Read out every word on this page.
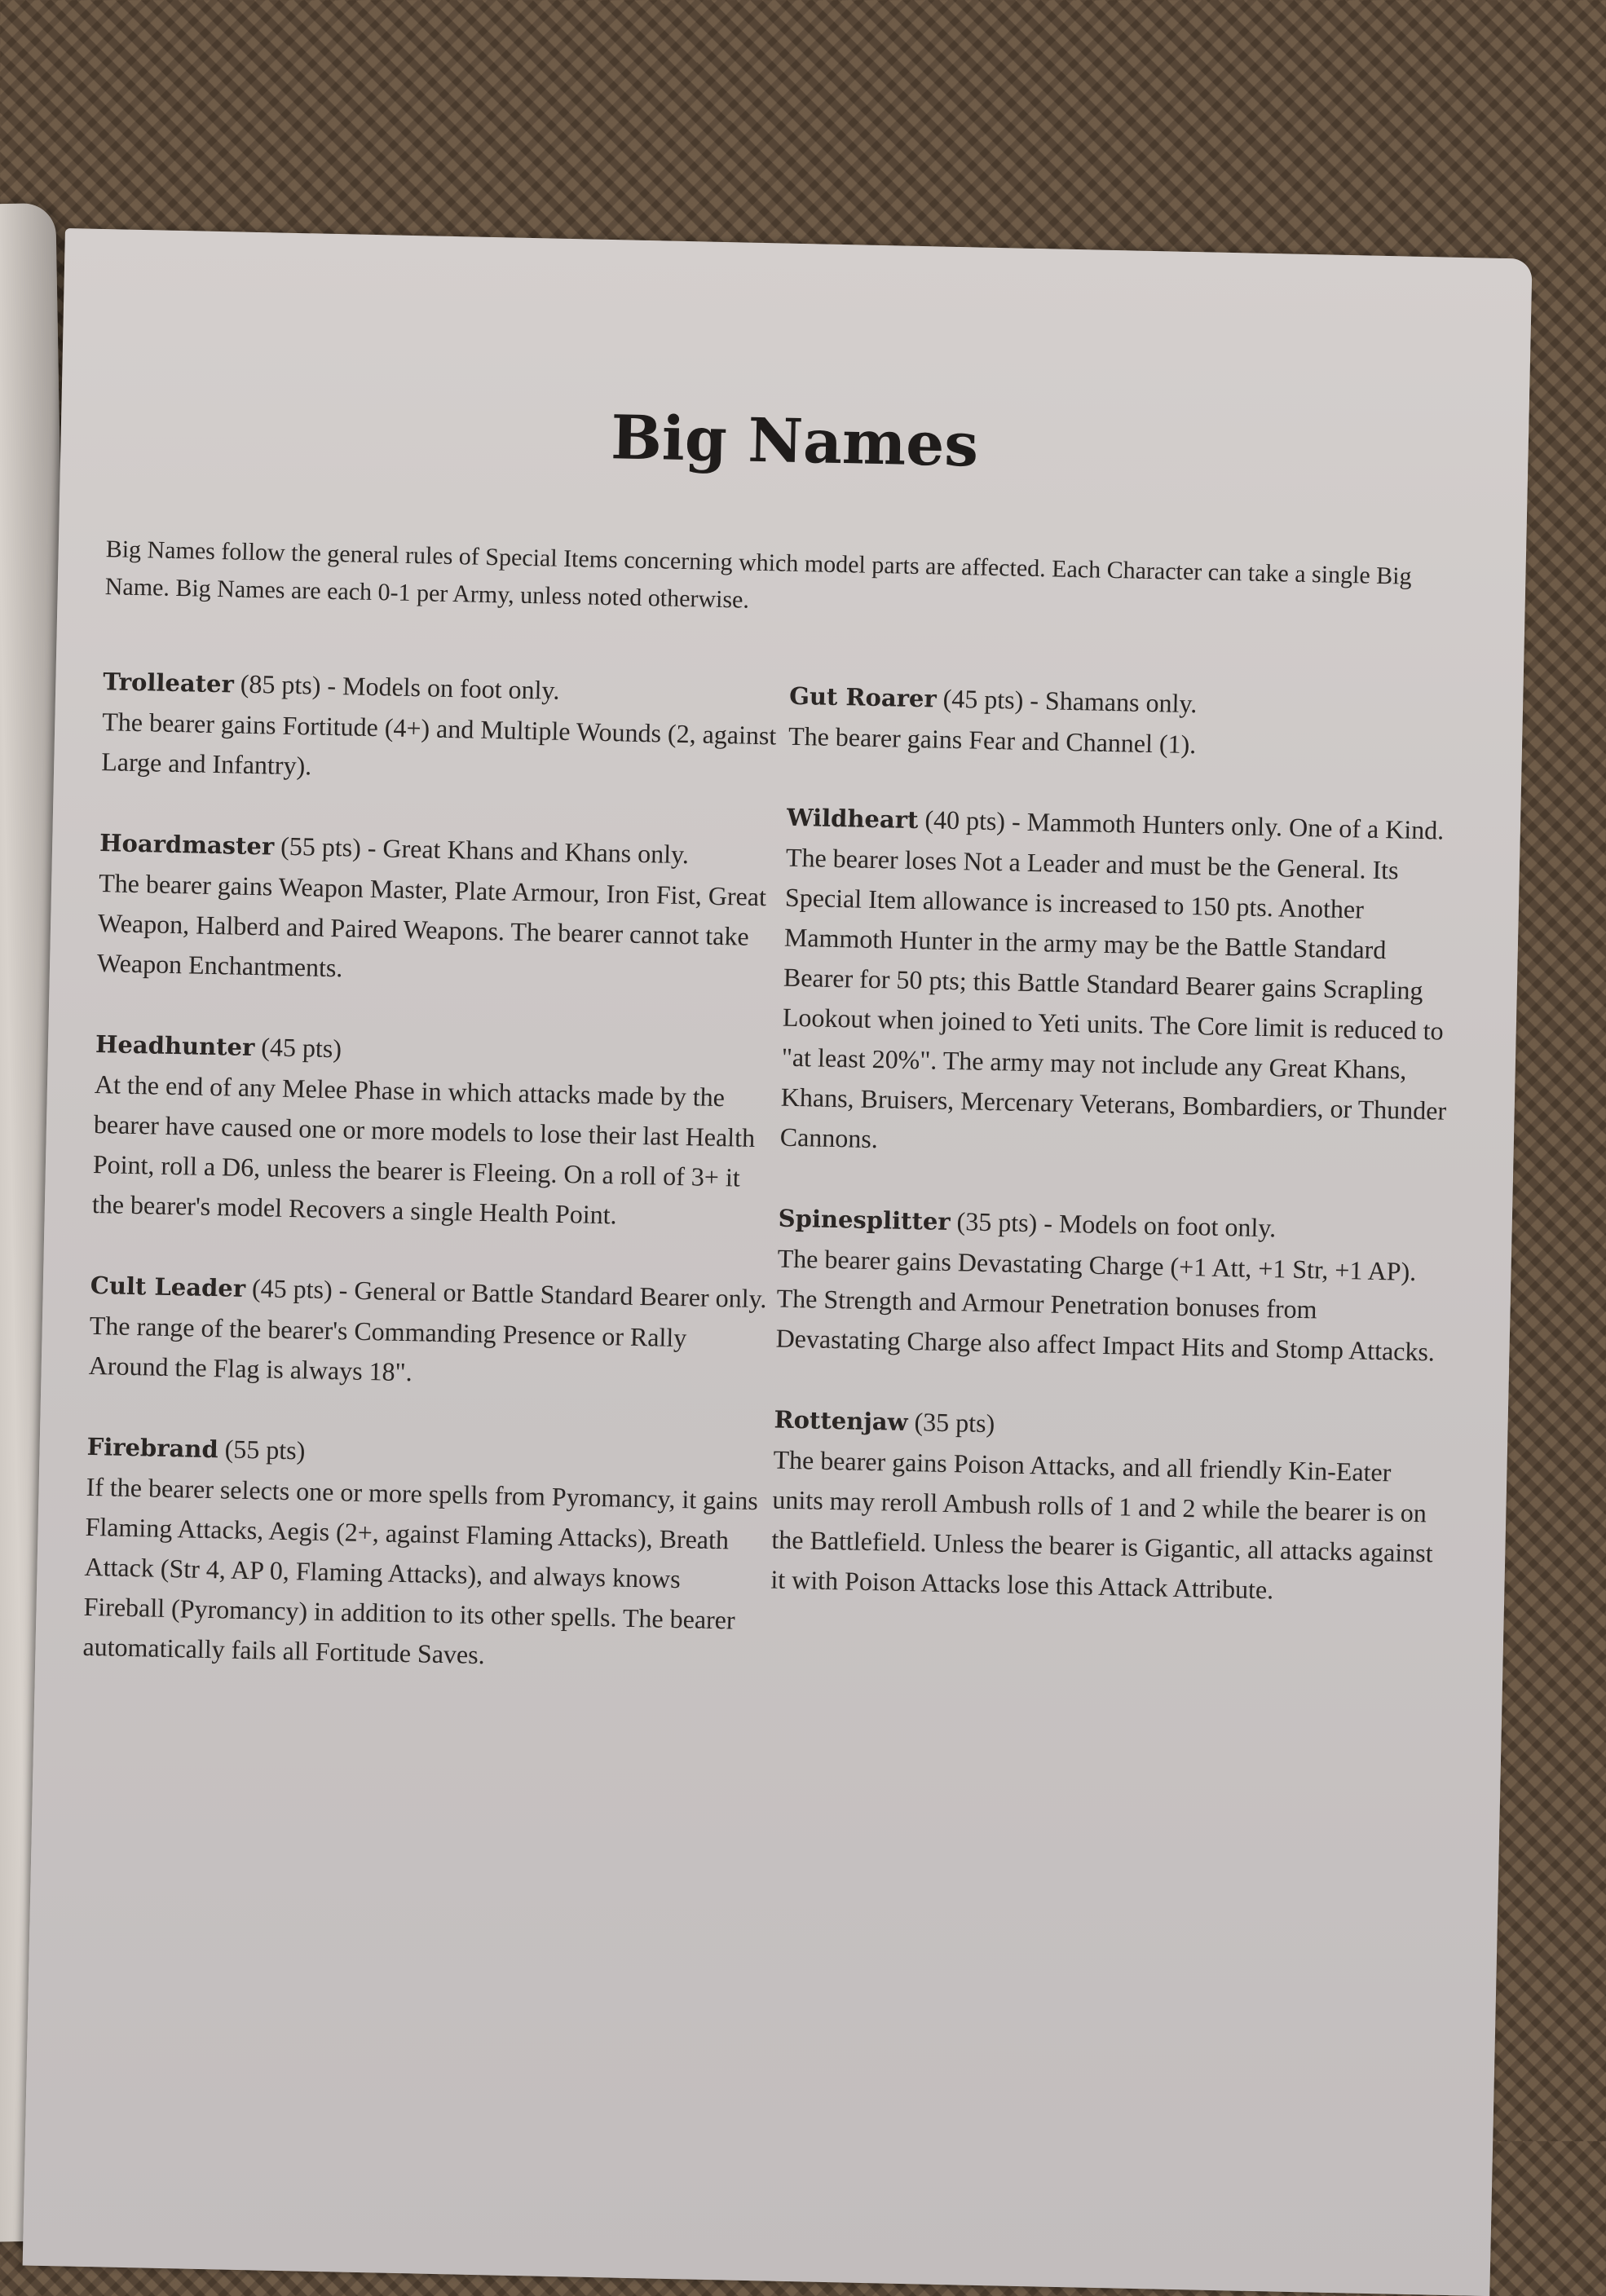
Big Names

Big Names follow the general rules of Special Items concerning which model parts are affected. Each Character can take a single Big Name. Big Names are each 0-1 per Army, unless noted otherwise.

Trolleater (85 pts) - Models on foot only.

The bearer gains Fortitude (4+) and Multiple Wounds (2, against Large and Infantry).

Hoardmaster (55 pts) - Great Khans and Khans only.

The bearer gains Weapon Master, Plate Armour, Iron Fist, Great Weapon, Halberd and Paired Weapons. The bearer cannot take Weapon Enchantments.

Headhunter (45 pts)

At the end of any Melee Phase in which attacks made by the bearer have caused one or more models to lose their last Health Point, roll a D6, unless the bearer is Fleeing. On a roll of 3+ it the bearer's model Recovers a single Health Point.

Cult Leader (45 pts) - General or Battle Standard Bearer only.

The range of the bearer's Commanding Presence or Rally Around the Flag is always 18".

Firebrand (55 pts)

If the bearer selects one or more spells from Pyromancy, it gains Flaming Attacks, Aegis (2+, against Flaming Attacks), Breath Attack (Str 4, AP 0, Flaming Attacks), and always knows Fireball (Pyromancy) in addition to its other spells. The bearer automatically fails all Fortitude Saves.

Gut Roarer (45 pts) - Shamans only.

The bearer gains Fear and Channel (1).

Wildheart (40 pts) - Mammoth Hunters only. One of a Kind.

The bearer loses Not a Leader and must be the General. Its Special Item allowance is increased to 150 pts. Another Mammoth Hunter in the army may be the Battle Standard Bearer for 50 pts; this Battle Standard Bearer gains Scrapling Lookout when joined to Yeti units. The Core limit is reduced to "at least 20%". The army may not include any Great Khans, Khans, Bruisers, Mercenary Veterans, Bombardiers, or Thunder Cannons.

Spinesplitter (35 pts) - Models on foot only.

The bearer gains Devastating Charge (+1 Att, +1 Str, +1 AP). The Strength and Armour Penetration bonuses from Devastating Charge also affect Impact Hits and Stomp Attacks.

Rottenjaw (35 pts)

The bearer gains Poison Attacks, and all friendly Kin-Eater units may reroll Ambush rolls of 1 and 2 while the bearer is on the Battlefield. Unless the bearer is Gigantic, all attacks against it with Poison Attacks lose this Attack Attribute.
